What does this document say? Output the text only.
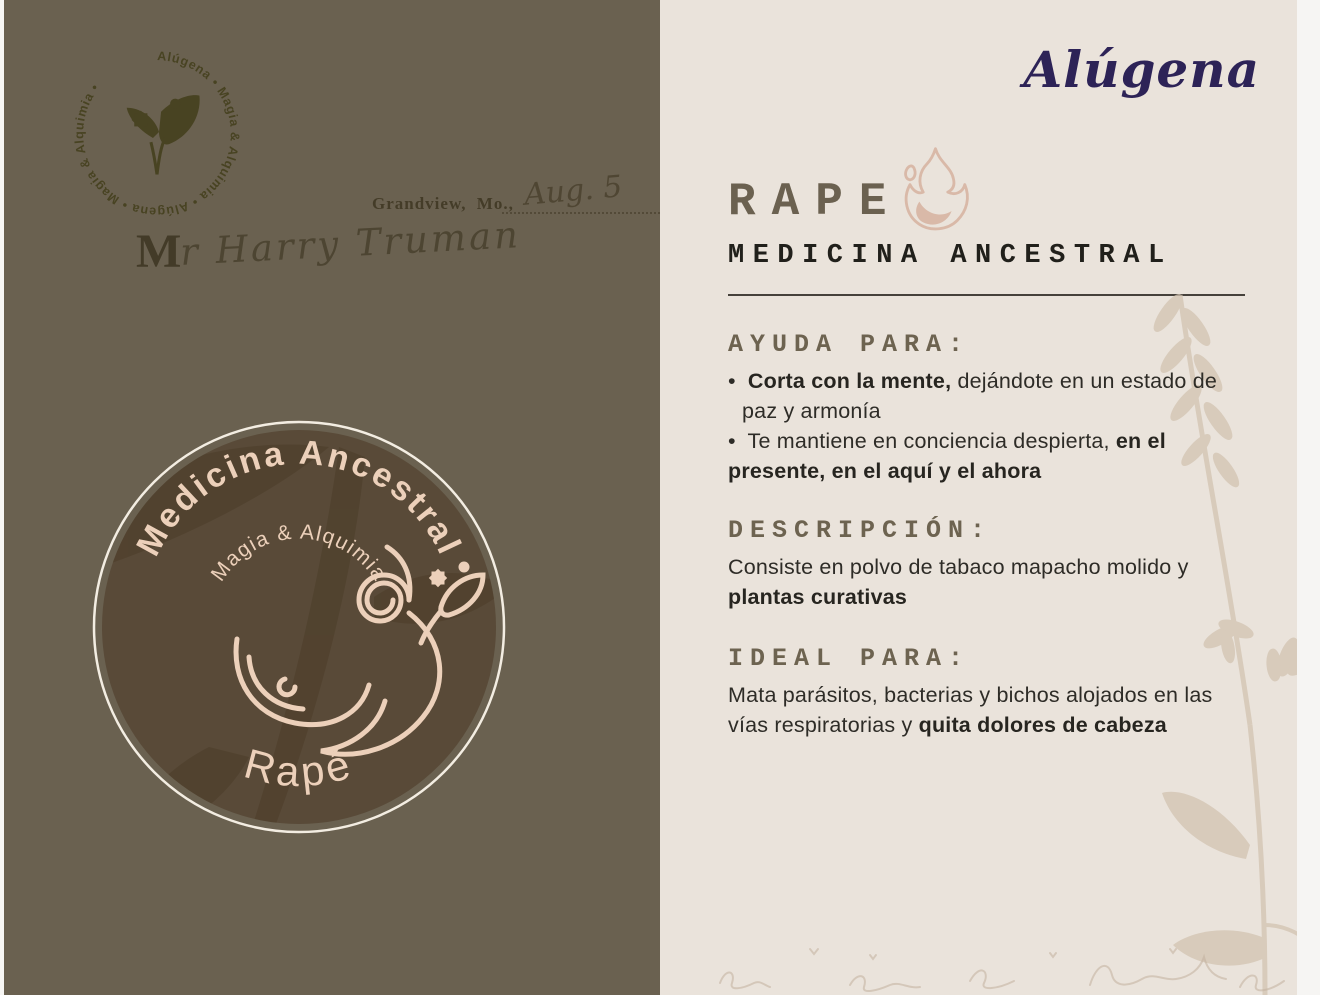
Alúgena • Magia & Alquimia • Alúgena • Magia & Alquimia •
Grandview, Mo., Aug. 5
M
r Harry Truman
Medicina Ancestral
Magia & Alquimia
Rapé
Alúgena
RAPE
MEDICINA ANCESTRAL
AYUDA PARA:
• Corta con la mente, dejándote en un estado de
paz y armonía
• Te mantiene en conciencia despierta, en el
presente, en el aquí y el ahora
DESCRIPCIÓN:
Consiste en polvo de tabaco mapacho molido y
plantas curativas
IDEAL PARA:
Mata parásitos, bacterias y bichos alojados en las
vías respiratorias y quita dolores de cabeza
